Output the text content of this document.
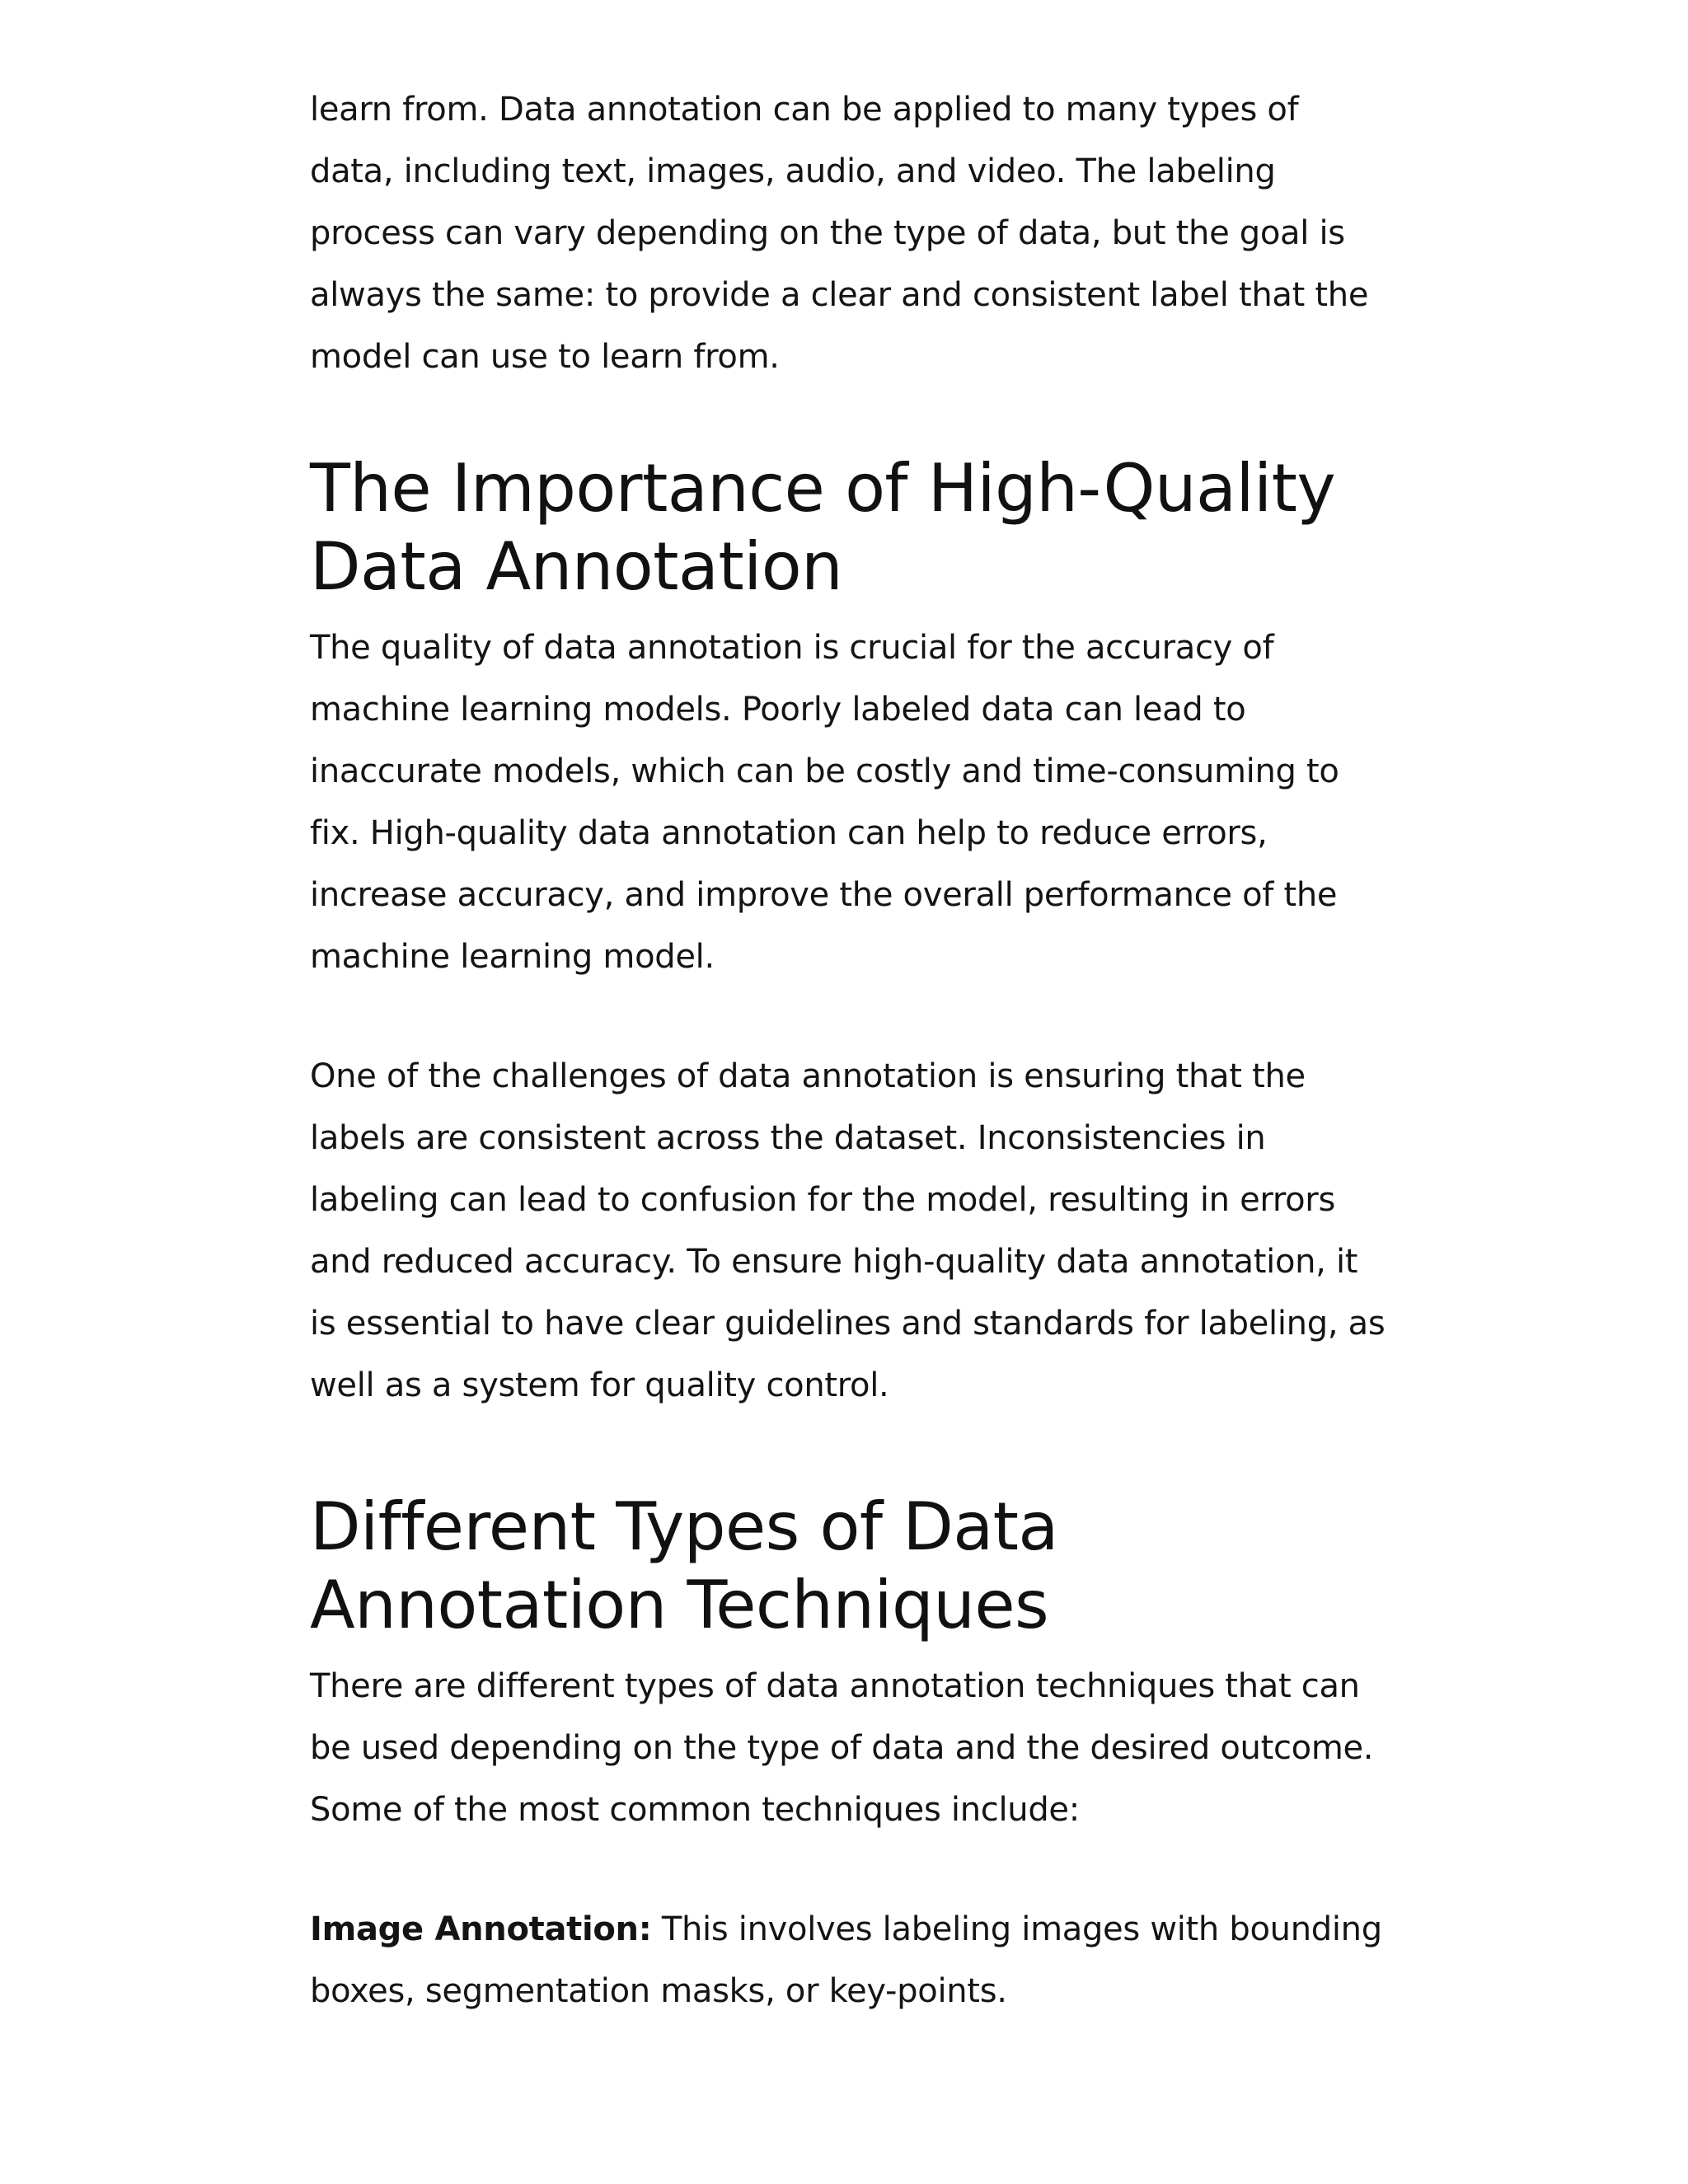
learn from. Data annotation can be applied to many types of data, including text, images, audio, and video. The labeling process can vary depending on the type of data, but the goal is always the same: to provide a clear and consistent label that the model can use to learn from.

The Importance of High-Quality Data Annotation

The quality of data annotation is crucial for the accuracy of machine learning models. Poorly labeled data can lead to inaccurate models, which can be costly and time-consuming to fix. High-quality data annotation can help to reduce errors, increase accuracy, and improve the overall performance of the machine learning model.

One of the challenges of data annotation is ensuring that the labels are consistent across the dataset. Inconsistencies in labeling can lead to confusion for the model, resulting in errors and reduced accuracy. To ensure high-quality data annotation, it is essential to have clear guidelines and standards for labeling, as well as a system for quality control.

Different Types of Data Annotation Techniques

There are different types of data annotation techniques that can be used depending on the type of data and the desired outcome. Some of the most common techniques include:

Image Annotation: This involves labeling images with bounding boxes, segmentation masks, or key-points.
